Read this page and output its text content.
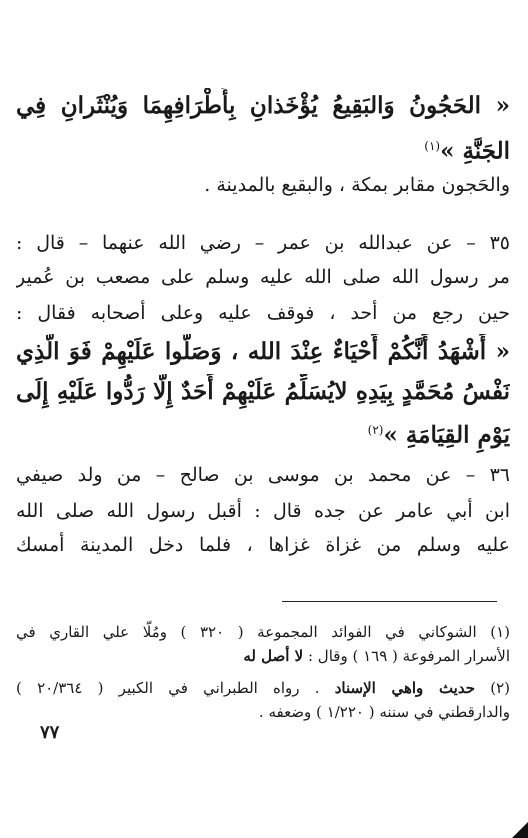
« الحَجُونُ وَالبَقِيعُ يُؤْخَذانِ بِأَطْرَافِهِمَا وَيُنْثَرانِ فِي
الجَنَّةِ »$^{(١)}$
والحَجون مقابر بمكة ، والبقيع بالمدينة .
٣٥ – عن عبدالله بن عمر – رضي الله عنهما – قال :
مر رسول الله صلى الله عليه وسلم على مصعب بن عُمير
حين رجع من أحد ، فوقف عليه وعلى أصحابه فقال :
« أَشْهَدُ أَنَّكُمْ أَحْيَاءٌ عِنْدَ الله ، وَصَلُّوا عَلَيْهِمْ فَوَ الَّذِي
نَفْسُ مُحَمَّدٍ بِيَدِهِ لايُسَلِّمُ عَلَيْهِمْ أَحَدٌ إِلَّا رَدُّوا عَلَيْهِ إِلَى
يَوْمِ القِيَامَةِ »$^{(٢)}$
٣٦ – عن محمد بن موسى بن صالح – من ولد صيفي
ابن أبي عامر عن جده قال : أقبل رسول الله صلى الله
عليه وسلم من غزاة غزاها ، فلما دخل المدينة أمسك
(١) الشوكاني في الفوائد المجموعة ( ٣٢٠ ) ومُلَّا علي القاري في
الأسرار المرفوعة ( ١٦٩ ) وقال : لا أصل له
(٢) حديث واهي الإسناد . رواه الطبراني في الكبير ( ٢٠/٣٦٤ )
والدارقطني في سننه ( ١/٢٢٠ ) وضعفه .
٧٧
